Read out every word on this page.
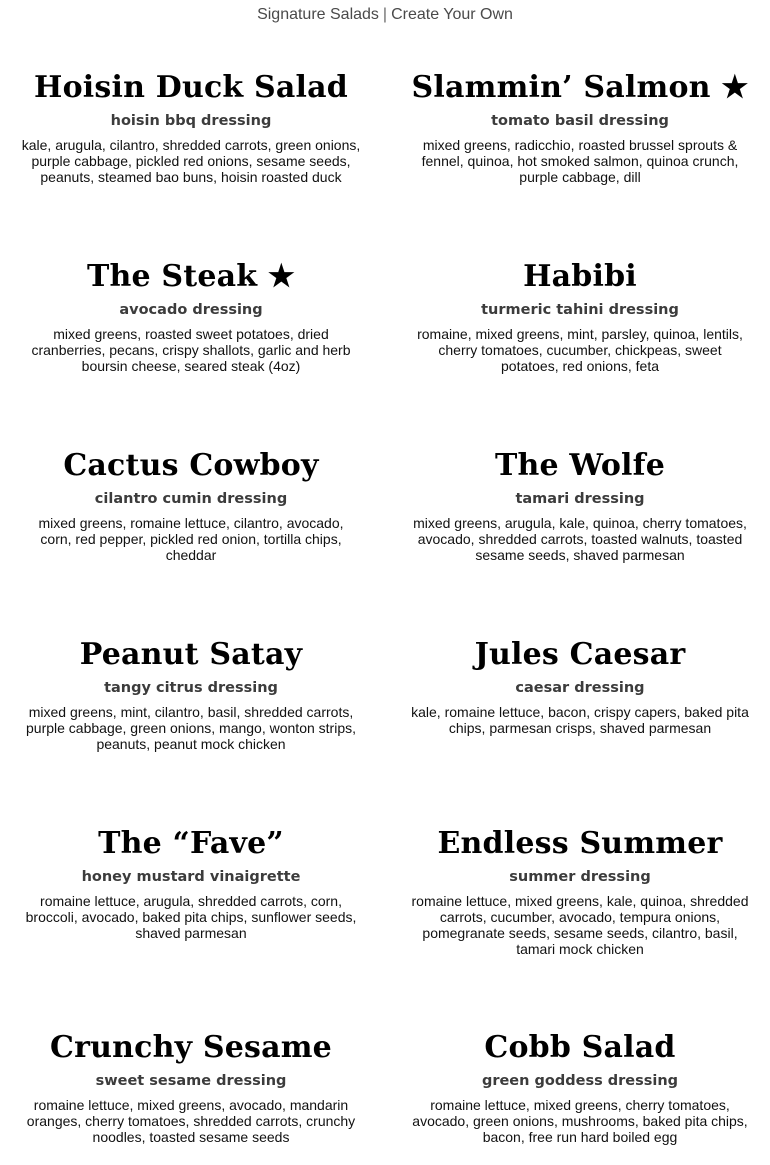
Signature Salads | Create Your Own
Hoisin Duck Salad
hoisin bbq dressing
kale, arugula, cilantro, shredded carrots, green onions, purple cabbage, pickled red onions, sesame seeds, peanuts, steamed bao buns, hoisin roasted duck
Slammin’ Salmon ★
tomato basil dressing
mixed greens, radicchio, roasted brussel sprouts & fennel, quinoa, hot smoked salmon, quinoa crunch, purple cabbage, dill
The Steak ★
avocado dressing
mixed greens, roasted sweet potatoes, dried cranberries, pecans, crispy shallots, garlic and herb boursin cheese, seared steak (4oz)
Habibi
turmeric tahini dressing
romaine, mixed greens, mint, parsley, quinoa, lentils, cherry tomatoes, cucumber, chickpeas, sweet potatoes, red onions, feta
Cactus Cowboy
cilantro cumin dressing
mixed greens, romaine lettuce, cilantro, avocado, corn, red pepper, pickled red onion, tortilla chips, cheddar
The Wolfe
tamari dressing
mixed greens, arugula, kale, quinoa, cherry tomatoes, avocado, shredded carrots, toasted walnuts, toasted sesame seeds, shaved parmesan
Peanut Satay
tangy citrus dressing
mixed greens, mint, cilantro, basil, shredded carrots, purple cabbage, green onions, mango, wonton strips, peanuts, peanut mock chicken
Jules Caesar
caesar dressing
kale, romaine lettuce, bacon, crispy capers, baked pita chips, parmesan crisps, shaved parmesan
The “Fave”
honey mustard vinaigrette
romaine lettuce, arugula, shredded carrots, corn, broccoli, avocado, baked pita chips, sunflower seeds, shaved parmesan
Endless Summer
summer dressing
romaine lettuce, mixed greens, kale, quinoa, shredded carrots, cucumber, avocado, tempura onions, pomegranate seeds, sesame seeds, cilantro, basil, tamari mock chicken
Crunchy Sesame
sweet sesame dressing
romaine lettuce, mixed greens, avocado, mandarin oranges, cherry tomatoes, shredded carrots, crunchy noodles, toasted sesame seeds
Cobb Salad
green goddess dressing
romaine lettuce, mixed greens, cherry tomatoes, avocado, green onions, mushrooms, baked pita chips, bacon, free run hard boiled egg
